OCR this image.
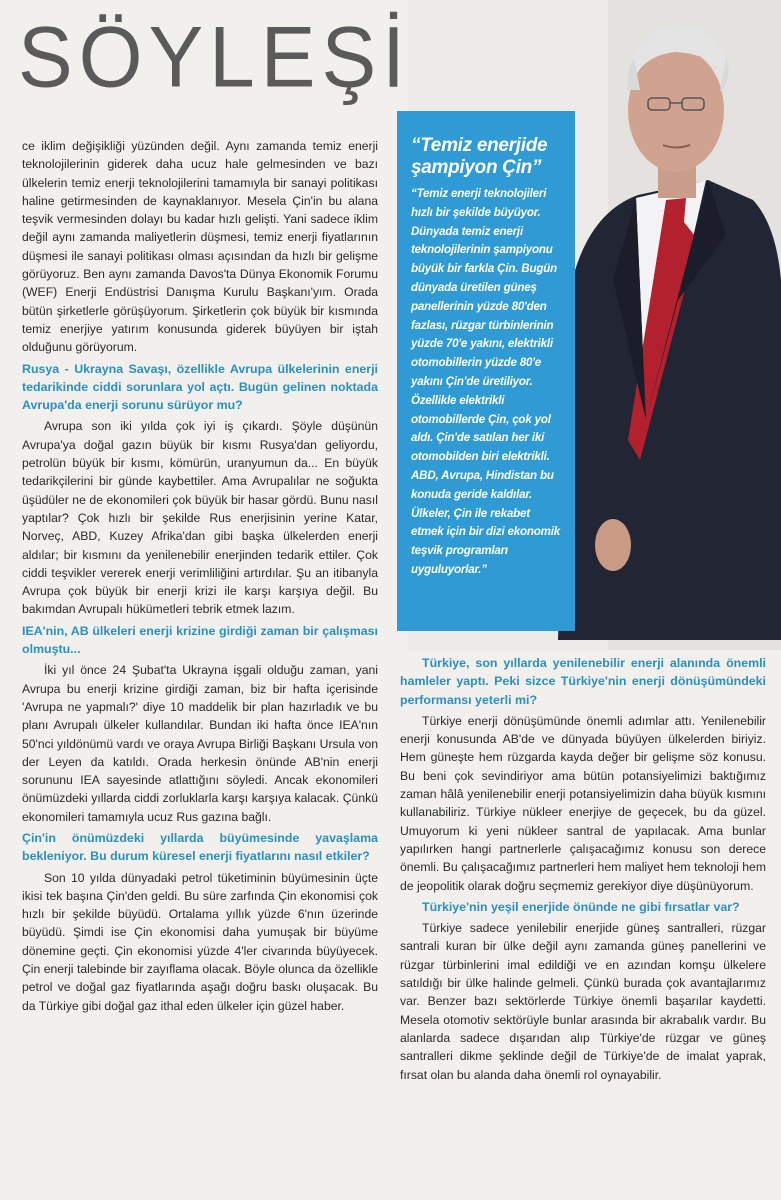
SÖYLEŞİ

ce iklim değişikliği yüzünden değil. Aynı zamanda temiz enerji teknolojilerinin giderek daha ucuz hale gelmesinden ve bazı ülkelerin temiz enerji teknolojilerini tamamıyla bir sanayi politikası haline getirmesinden de kaynaklanıyor. Mesela Çin'in bu alana teşvik vermesinden dolayı bu kadar hızlı gelişti. Yani sadece iklim değil aynı zamanda maliyetlerin düşmesi, temiz enerji fiyatlarının düşmesi ile sanayi politikası olması açısından da hızlı bir gelişme görüyoruz. Ben aynı zamanda Davos'ta Dünya Ekonomik Forumu (WEF) Enerji Endüstrisi Danışma Kurulu Başkanı'yım. Orada bütün şirketlerle görüşüyorum. Şirketlerin çok büyük bir kısmında temiz enerjiye yatırım konusunda giderek büyüyen bir iştah olduğunu görüyorum.

Rusya - Ukrayna Savaşı, özellikle Avrupa ülkelerinin enerji tedarikinde ciddi sorunlara yol açtı. Bugün gelinen noktada Avrupa'da enerji sorunu sürüyor mu?

Avrupa son iki yılda çok iyi iş çıkardı. Şöyle düşünün Avrupa'ya doğal gazın büyük bir kısmı Rusya'dan geliyordu, petrolün büyük bir kısmı, kömürün, uranyumun da... En büyük tedarikçilerini bir günde kaybettiler. Ama Avrupalılar ne soğukta üşüdüler ne de ekonomileri çok büyük bir hasar gördü. Bunu nasıl yaptılar? Çok hızlı bir şekilde Rus enerjisinin yerine Katar, Norveç, ABD, Kuzey Afrika'dan gibi başka ülkelerden enerji aldılar; bir kısmını da yenilenebilir enerjinden tedarik ettiler. Çok ciddi teşvikler vererek enerji verimliliğini artırdılar. Şu an itibanyla Avrupa çok büyük bir enerji krizi ile karşı karşıya değil. Bu bakımdan Avrupalı hükümetleri tebrik etmek lazım.

IEA'nin, AB ülkeleri enerji krizine girdiği zaman bir çalışması olmuştu...

İki yıl önce 24 Şubat'ta Ukrayna işgali olduğu zaman, yani Avrupa bu enerji krizine girdiği zaman, biz bir hafta içerisinde 'Avrupa ne yapmalı?' diye 10 maddelik bir plan hazırladık ve bu planı Avrupalı ülkeler kullandılar. Bundan iki hafta önce IEA'nın 50'nci yıldönümü vardı ve oraya Avrupa Birliği Başkanı Ursula von der Leyen da katıldı. Orada herkesin önünde AB'nin enerji sorununu IEA sayesinde atlattığını söyledi. Ancak ekonomileri önümüzdeki yıllarda ciddi zorluklarla karşı karşıya kalacak. Çünkü ekonomileri tamamıyla ucuz Rus gazına bağlı.

Çin'in önümüzdeki yıllarda büyümesinde yavaşlama bekleniyor. Bu durum küresel enerji fiyatlarını nasıl etkiler?

Son 10 yılda dünyadaki petrol tüketiminin büyümesinin üçte ikisi tek başına Çin'den geldi. Bu süre zarfında Çin ekonomisi çok hızlı bir şekilde büyüdü. Ortalama yıllık yüzde 6'nın üzerinde büyüdü. Şimdi ise Çin ekonomisi daha yumuşak bir büyüme dönemine geçti. Çin ekonomisi yüzde 4'ler civarında büyüyecek. Çin enerji talebinde bir zayıflama olacak. Böyle olunca da özellikle petrol ve doğal gaz fiyatlarında aşağı doğru baskı oluşacak. Bu da Türkiye gibi doğal gaz ithal eden ülkeler için güzel haber.

“Temiz enerjide şampiyon Çin”
“Temiz enerji teknolojileri hızlı bir şekilde büyüyor. Dünyada temiz enerji teknolojilerinin şampiyonu büyük bir farkla Çin. Bugün dünyada üretilen güneş panellerinin yüzde 80'den fazlası, rüzgar türbinlerinin yüzde 70'e yakını, elektrikli otomobillerin yüzde 80'e yakını Çin'de üretiliyor. Özellikle elektrikli otomobillerde Çin, çok yol aldı. Çin'de satılan her iki otomobilden biri elektrikli. ABD, Avrupa, Hindistan bu konuda geride kaldılar. Ülkeler, Çin ile rekabet etmek için bir dizi ekonomik teşvik programları uyguluyorlar.”

Türkiye, son yıllarda yenilenebilir enerji alanında önemli hamleler yaptı. Peki sizce Türkiye'nin enerji dönüşümündeki performansı yeterli mi?

Türkiye enerji dönüşümünde önemli adımlar attı. Yenilenebilir enerji konusunda AB'de ve dünyada büyüyen ülkelerden biriyiz. Hem güneşte hem rüzgarda kayda değer bir gelişme söz konusu. Bu beni çok sevindiriyor ama bütün potansiyelimizi baktığımız zaman hâlâ yenilenebilir enerji potansiyelimizin daha büyük kısmını kullanabiliriz. Türkiye nükleer enerjiye de geçecek, bu da güzel. Umuyorum ki yeni nükleer santral de yapılacak. Ama bunlar yapılırken hangi partnerlerle çalışacağımız konusu son derece önemli. Bu çalışacağımız partnerleri hem maliyet hem teknoloji hem de jeopolitik olarak doğru seçmemiz gerekiyor diye düşünüyorum.

Türkiye'nin yeşil enerjide önünde ne gibi fırsatlar var?

Türkiye sadece yenilebilir enerjide güneş santralleri, rüzgar santrali kuran bir ülke değil aynı zamanda güneş panellerini ve rüzgar türbinlerini imal edildiği ve en azından komşu ülkelere satıldığı bir ülke halinde gelmeli. Çünkü burada çok avantajlarımız var. Benzer bazı sektörlerde Türkiye önemli başarılar kaydetti. Mesela otomotiv sektörüyle bunlar arasında bir akrabalık vardır. Bu alanlarda sadece dışarıdan alıp Türkiye'de rüzgar ve güneş santralleri dikme şeklinde değil de Türkiye'de de imalat yaprak, fırsat olan bu alanda daha önemli rol oynayabilir.
